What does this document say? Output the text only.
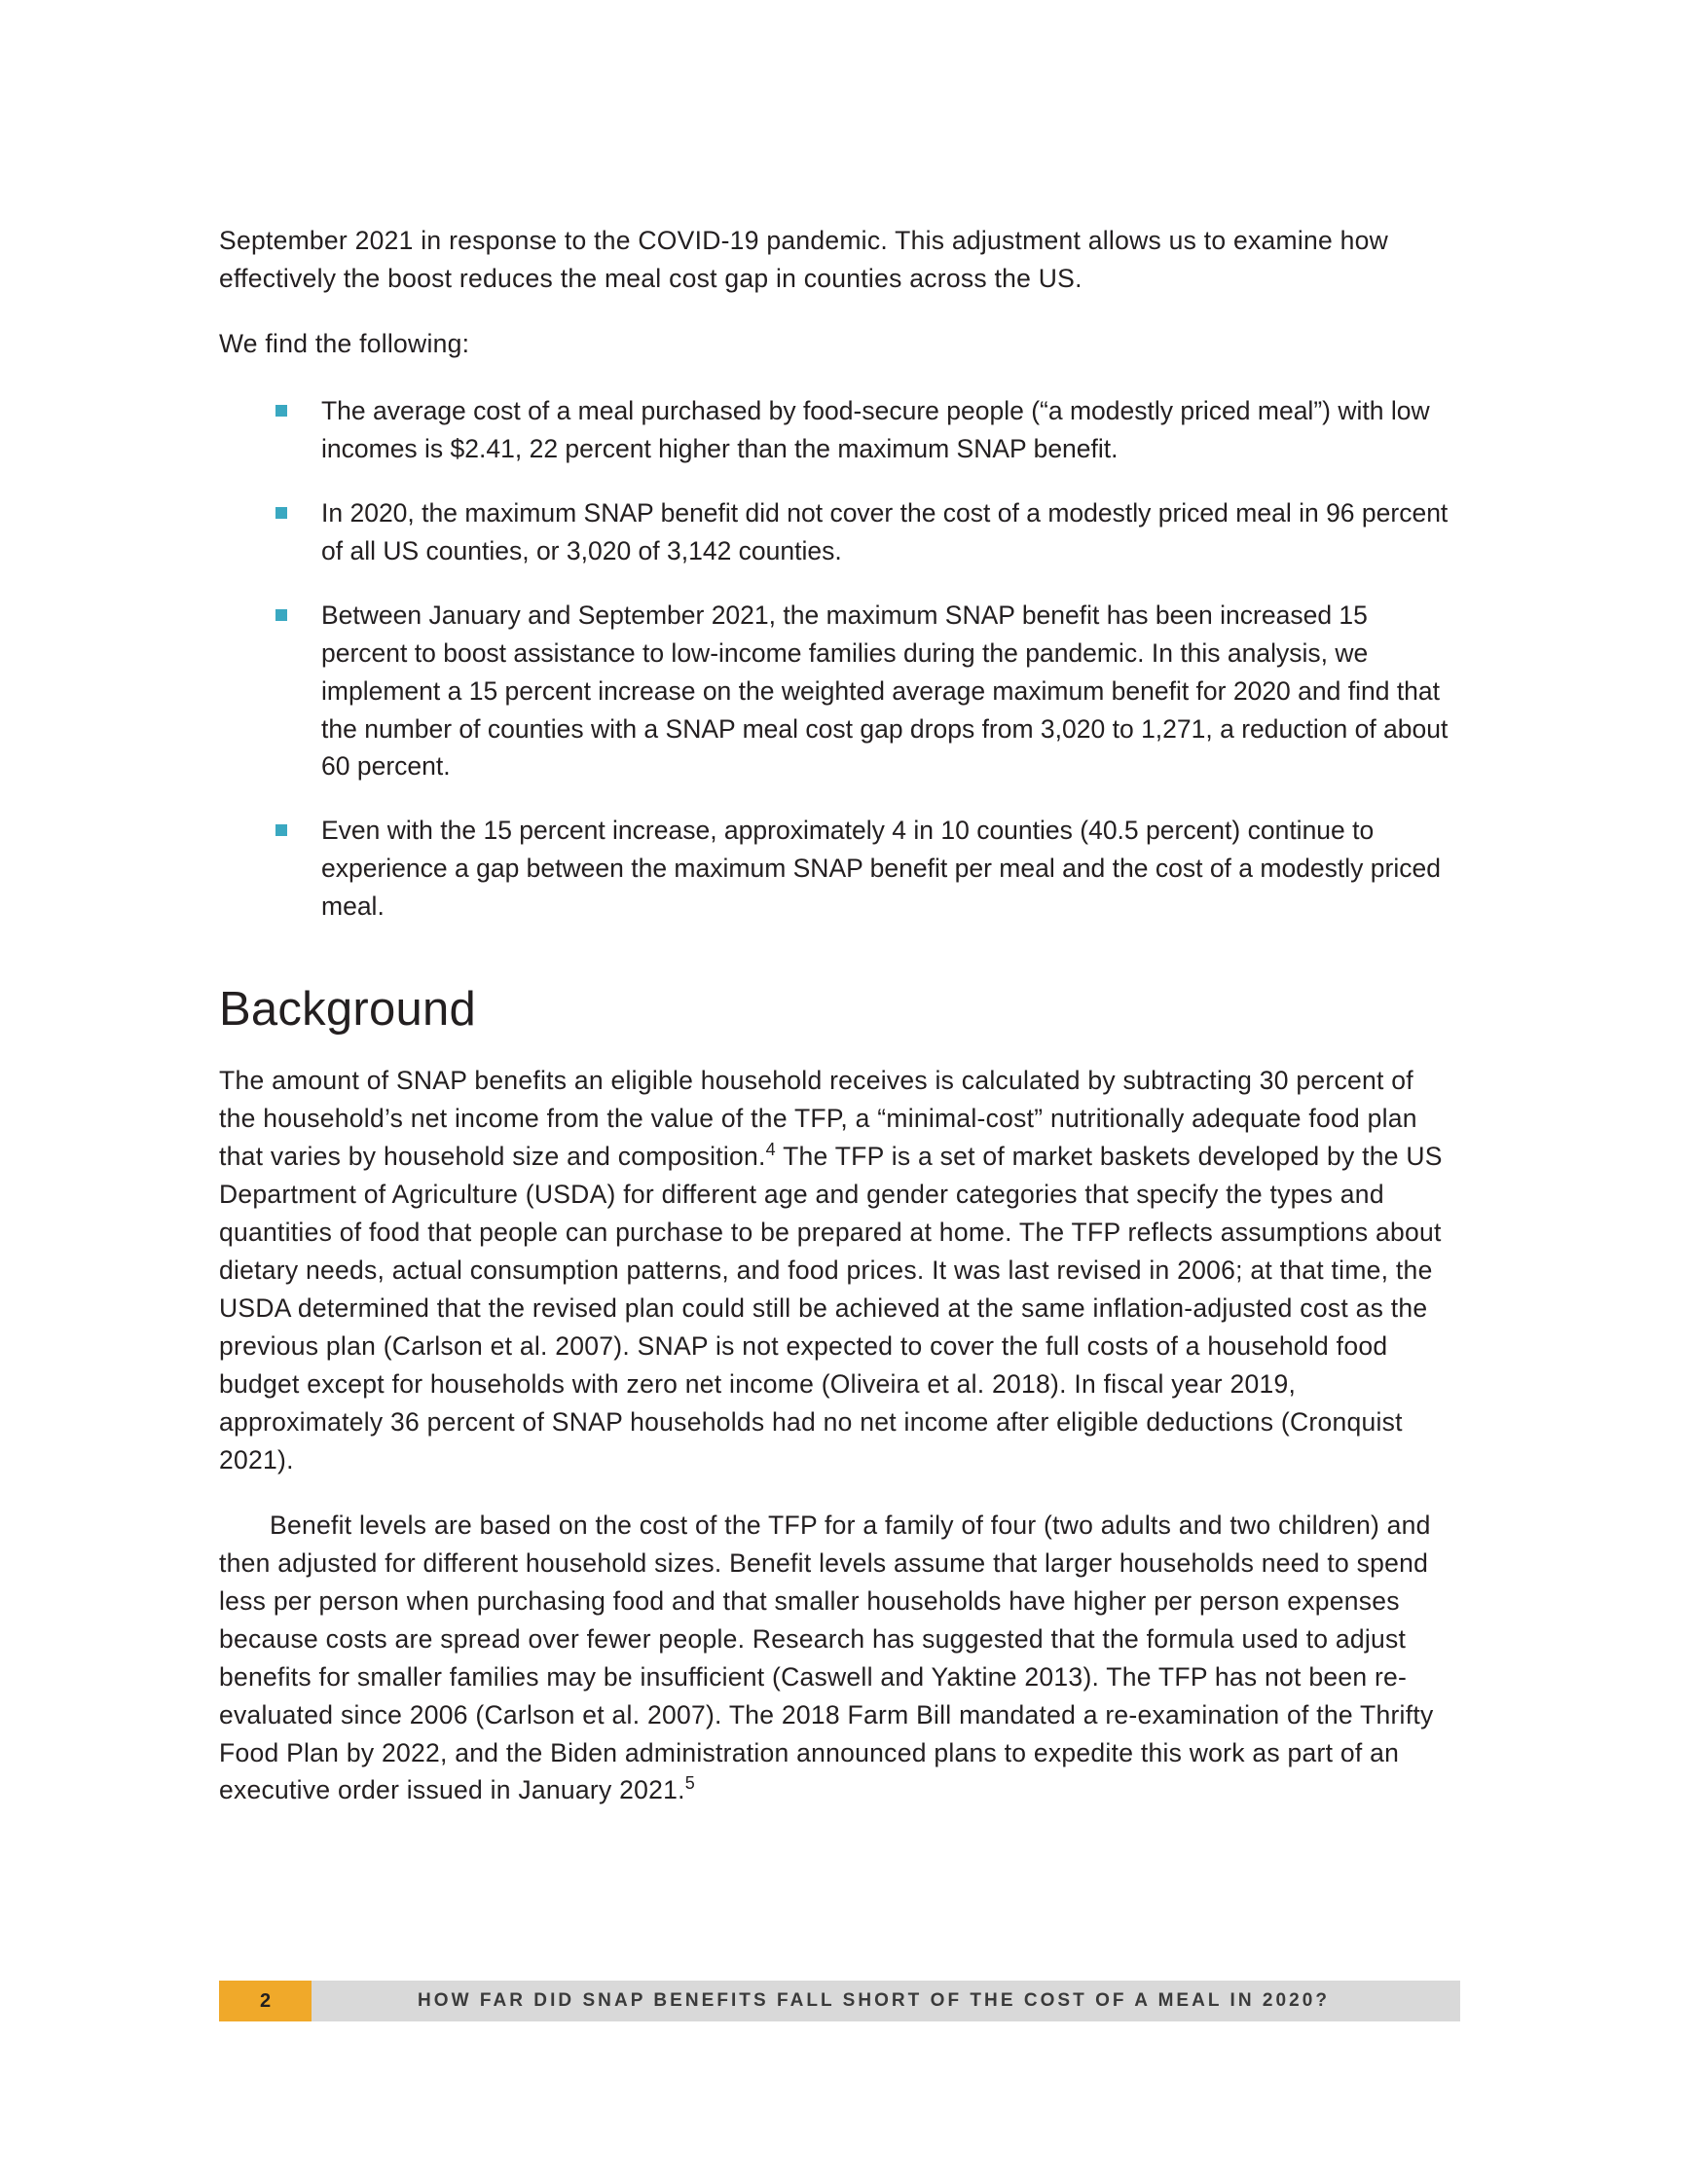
September 2021 in response to the COVID-19 pandemic. This adjustment allows us to examine how effectively the boost reduces the meal cost gap in counties across the US.

We find the following:

The average cost of a meal purchased by food-secure people (“a modestly priced meal”) with low incomes is $2.41, 22 percent higher than the maximum SNAP benefit.
In 2020, the maximum SNAP benefit did not cover the cost of a modestly priced meal in 96 percent of all US counties, or 3,020 of 3,142 counties.
Between January and September 2021, the maximum SNAP benefit has been increased 15 percent to boost assistance to low-income families during the pandemic. In this analysis, we implement a 15 percent increase on the weighted average maximum benefit for 2020 and find that the number of counties with a SNAP meal cost gap drops from 3,020 to 1,271, a reduction of about 60 percent.
Even with the 15 percent increase, approximately 4 in 10 counties (40.5 percent) continue to experience a gap between the maximum SNAP benefit per meal and the cost of a modestly priced meal.
Background

The amount of SNAP benefits an eligible household receives is calculated by subtracting 30 percent of the household’s net income from the value of the TFP, a “minimal-cost” nutritionally adequate food plan that varies by household size and composition.$^4$ The TFP is a set of market baskets developed by the US Department of Agriculture (USDA) for different age and gender categories that specify the types and quantities of food that people can purchase to be prepared at home. The TFP reflects assumptions about dietary needs, actual consumption patterns, and food prices. It was last revised in 2006; at that time, the USDA determined that the revised plan could still be achieved at the same inflation-adjusted cost as the previous plan (Carlson et al. 2007). SNAP is not expected to cover the full costs of a household food budget except for households with zero net income (Oliveira et al. 2018). In fiscal year 2019, approximately 36 percent of SNAP households had no net income after eligible deductions (Cronquist 2021).

Benefit levels are based on the cost of the TFP for a family of four (two adults and two children) and then adjusted for different household sizes. Benefit levels assume that larger households need to spend less per person when purchasing food and that smaller households have higher per person expenses because costs are spread over fewer people. Research has suggested that the formula used to adjust benefits for smaller families may be insufficient (Caswell and Yaktine 2013). The TFP has not been re-evaluated since 2006 (Carlson et al. 2007). The 2018 Farm Bill mandated a re-examination of the Thrifty Food Plan by 2022, and the Biden administration announced plans to expedite this work as part of an executive order issued in January 2021.$^5$

2	HOW FAR DID SNAP BENEFITS FALL SHORT OF THE COST OF A MEAL IN 2020?
